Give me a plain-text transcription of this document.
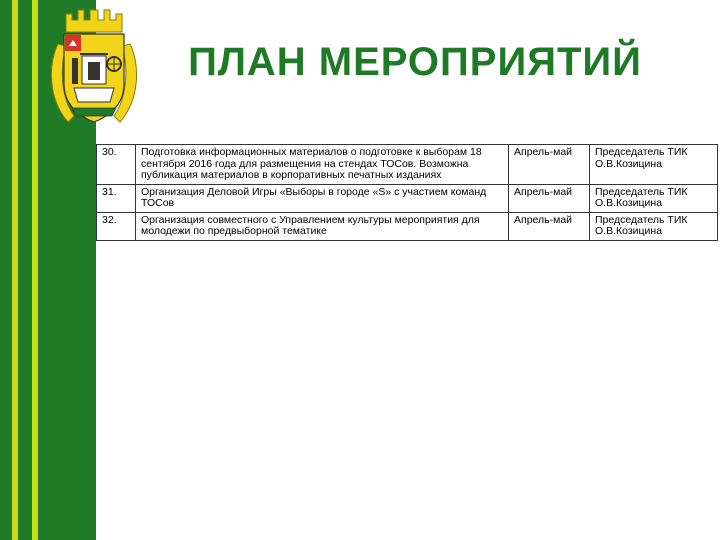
ПЛАН МЕРОПРИЯТИЙ
30.	Подготовка информационных материалов о подготовке к выборам 18 сентября 2016 года для размещения на стендах ТОСов. Возможна публикация материалов в корпоративных печатных изданиях	Апрель-май	Председатель ТИК О.В.Козицина
31.	Организация Деловой Игры «Выборы в городе «S» с участием команд ТОСов	Апрель-май	Председатель ТИК О.В.Козицина
32.	Организация совместного с Управлением культуры мероприятия для молодежи по предвыборной тематике	Апрель-май	Председатель ТИК О.В.Козицина
